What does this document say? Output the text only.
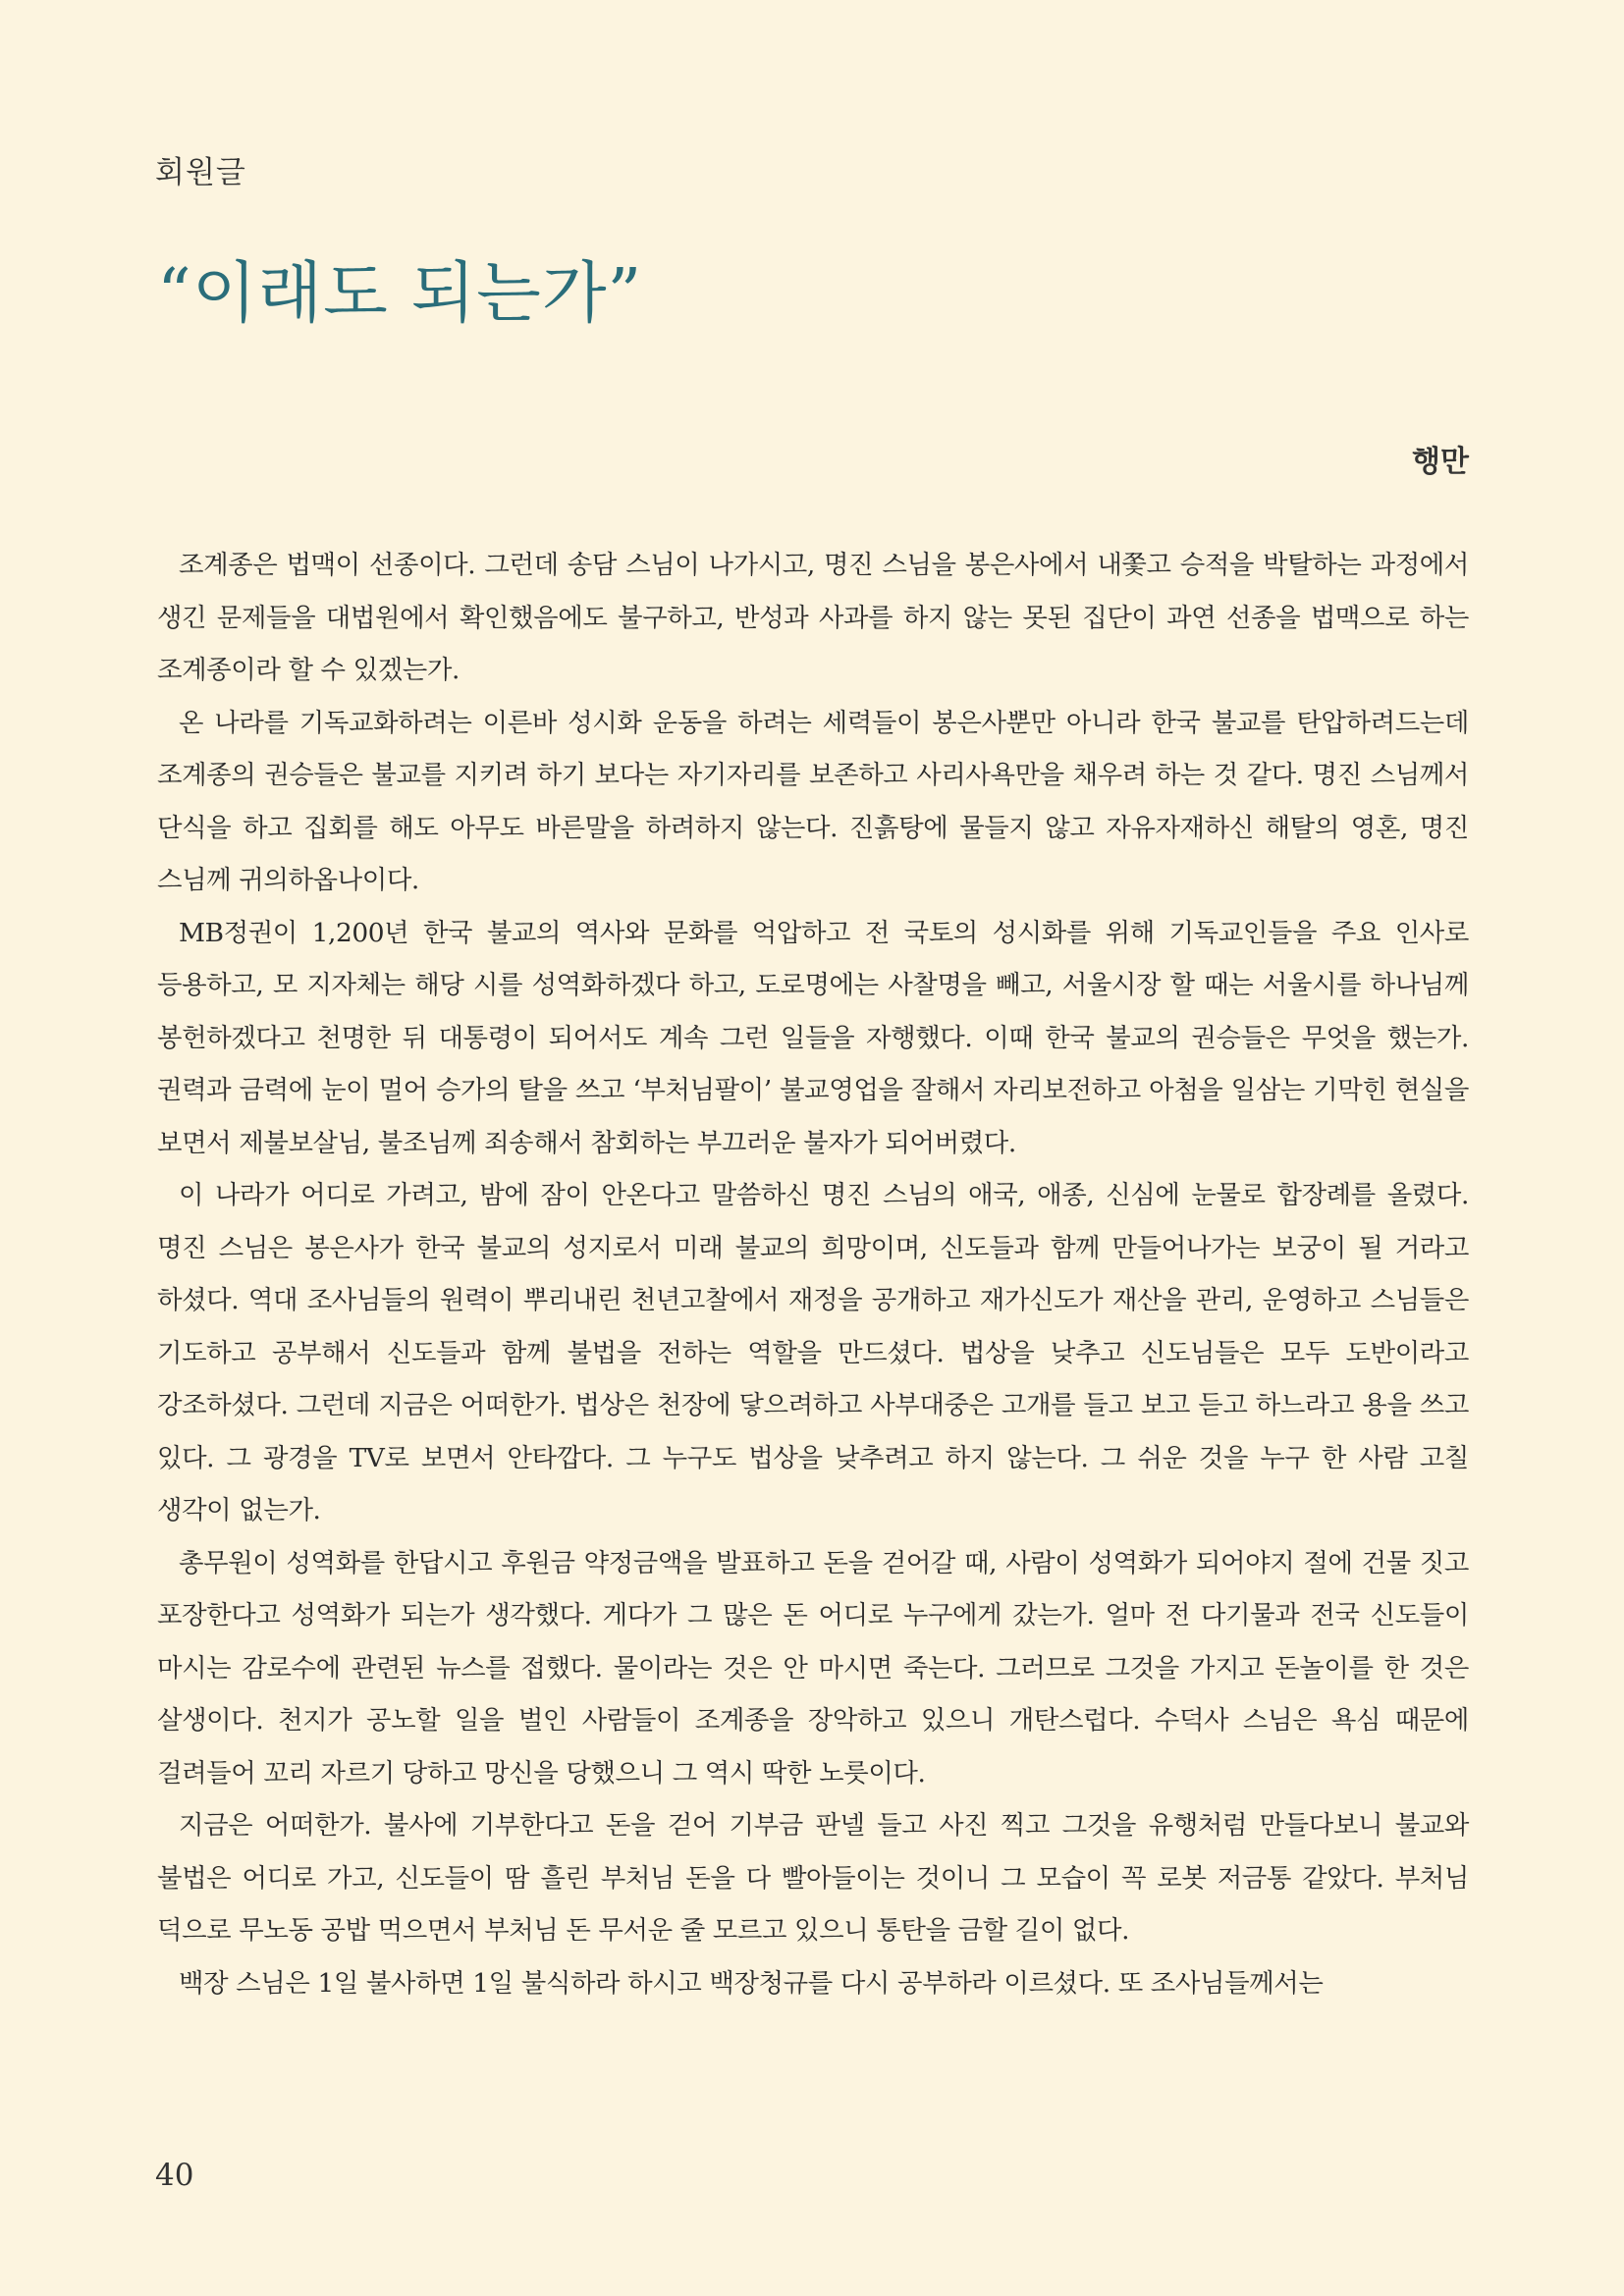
회원글
“이래도 되는가”
행만

조계종은 법맥이 선종이다. 그런데 송담 스님이 나가시고, 명진 스님을 봉은사에서 내쫓고 승적을 박탈하는 과정에서 생긴 문제들을 대법원에서 확인했음에도 불구하고, 반성과 사과를 하지 않는 못된 집단이 과연 선종을 법맥으로 하는 조계종이라 할 수 있겠는가.

온 나라를 기독교화하려는 이른바 성시화 운동을 하려는 세력들이 봉은사뿐만 아니라 한국 불교를 탄압하려드는데 조계종의 권승들은 불교를 지키려 하기 보다는 자기자리를 보존하고 사리사욕만을 채우려 하는 것 같다. 명진 스님께서 단식을 하고 집회를 해도 아무도 바른말을 하려하지 않는다. 진흙탕에 물들지 않고 자유자재하신 해탈의 영혼, 명진 스님께 귀의하옵나이다.

MB정권이 1,200년 한국 불교의 역사와 문화를 억압하고 전 국토의 성시화를 위해 기독교인들을 주요 인사로 등용하고, 모 지자체는 해당 시를 성역화하겠다 하고, 도로명에는 사찰명을 빼고, 서울시장 할 때는 서울시를 하나님께 봉헌하겠다고 천명한 뒤 대통령이 되어서도 계속 그런 일들을 자행했다. 이때 한국 불교의 권승들은 무엇을 했는가. 권력과 금력에 눈이 멀어 승가의 탈을 쓰고 ‘부처님팔이’ 불교영업을 잘해서 자리보전하고 아첨을 일삼는 기막힌 현실을 보면서 제불보살님, 불조님께 죄송해서 참회하는 부끄러운 불자가 되어버렸다.

이 나라가 어디로 가려고, 밤에 잠이 안온다고 말씀하신 명진 스님의 애국, 애종, 신심에 눈물로 합장례를 올렸다. 명진 스님은 봉은사가 한국 불교의 성지로서 미래 불교의 희망이며, 신도들과 함께 만들어나가는 보궁이 될 거라고 하셨다. 역대 조사님들의 원력이 뿌리내린 천년고찰에서 재정을 공개하고 재가신도가 재산을 관리, 운영하고 스님들은 기도하고 공부해서 신도들과 함께 불법을 전하는 역할을 만드셨다. 법상을 낮추고 신도님들은 모두 도반이라고 강조하셨다. 그런데 지금은 어떠한가. 법상은 천장에 닿으려하고 사부대중은 고개를 들고 보고 듣고 하느라고 용을 쓰고 있다. 그 광경을 TV로 보면서 안타깝다. 그 누구도 법상을 낮추려고 하지 않는다. 그 쉬운 것을 누구 한 사람 고칠 생각이 없는가.

총무원이 성역화를 한답시고 후원금 약정금액을 발표하고 돈을 걷어갈 때, 사람이 성역화가 되어야지 절에 건물 짓고 포장한다고 성역화가 되는가 생각했다. 게다가 그 많은 돈 어디로 누구에게 갔는가. 얼마 전 다기물과 전국 신도들이 마시는 감로수에 관련된 뉴스를 접했다. 물이라는 것은 안 마시면 죽는다. 그러므로 그것을 가지고 돈놀이를 한 것은 살생이다. 천지가 공노할 일을 벌인 사람들이 조계종을 장악하고 있으니 개탄스럽다. 수덕사 스님은 욕심 때문에 걸려들어 꼬리 자르기 당하고 망신을 당했으니 그 역시 딱한 노릇이다.

지금은 어떠한가. 불사에 기부한다고 돈을 걷어 기부금 판넬 들고 사진 찍고 그것을 유행처럼 만들다보니 불교와 불법은 어디로 가고, 신도들이 땀 흘린 부처님 돈을 다 빨아들이는 것이니 그 모습이 꼭 로봇 저금통 같았다. 부처님 덕으로 무노동 공밥 먹으면서 부처님 돈 무서운 줄 모르고 있으니 통탄을 금할 길이 없다.

백장 스님은 1일 불사하면 1일 불식하라 하시고 백장청규를 다시 공부하라 이르셨다. 또 조사님들께서는

40
